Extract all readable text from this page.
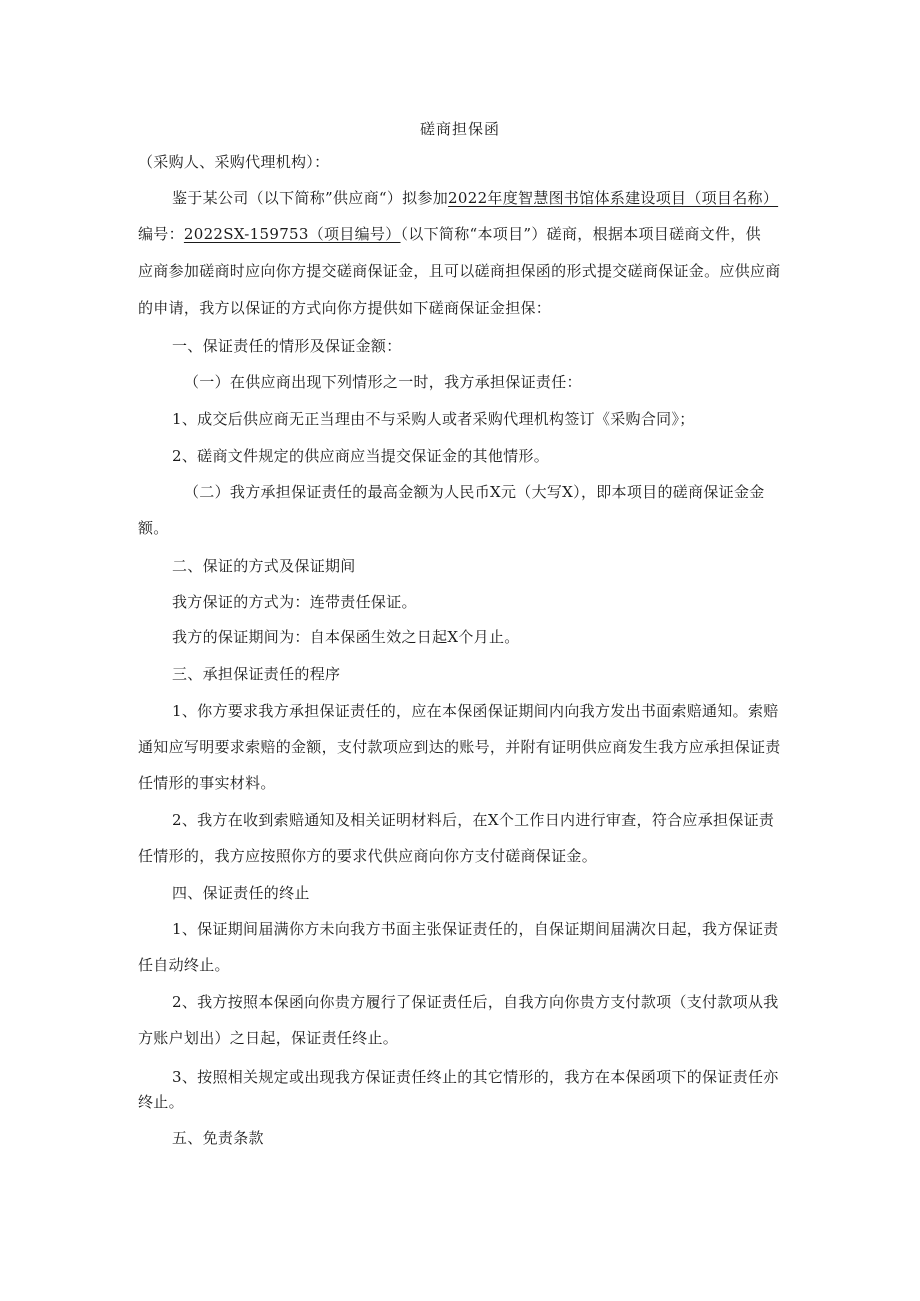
磋商担保函
（采购人、采购代理机构）：
鉴于某公司（以下简称”供应商“）拟参加2022年度智慧图书馆体系建设项目（项目名称）
编号：2022SX-159753（项目编号）（以下简称“本项目”）磋商，根据本项目磋商文件，供
应商参加磋商时应向你方提交磋商保证金，且可以磋商担保函的形式提交磋商保证金。应供应商
的申请，我方以保证的方式向你方提供如下磋商保证金担保：
一、保证责任的情形及保证金额：
（一）在供应商出现下列情形之一时，我方承担保证责任：
1、成交后供应商无正当理由不与采购人或者采购代理机构签订《采购合同》；
2、磋商文件规定的供应商应当提交保证金的其他情形。
（二）我方承担保证责任的最高金额为人民币X元（大写X），即本项目的磋商保证金金
额。
二、保证的方式及保证期间
我方保证的方式为：连带责任保证。
我方的保证期间为：自本保函生效之日起X个月止。
三、承担保证责任的程序
1、你方要求我方承担保证责任的，应在本保函保证期间内向我方发出书面索赔通知。索赔
通知应写明要求索赔的金额，支付款项应到达的账号，并附有证明供应商发生我方应承担保证责
任情形的事实材料。
2、我方在收到索赔通知及相关证明材料后，在X个工作日内进行审查，符合应承担保证责
任情形的，我方应按照你方的要求代供应商向你方支付磋商保证金。
四、保证责任的终止
1、保证期间届满你方未向我方书面主张保证责任的，自保证期间届满次日起，我方保证责
任自动终止。
2、我方按照本保函向你贵方履行了保证责任后，自我方向你贵方支付款项（支付款项从我
方账户划出）之日起，保证责任终止。
3、按照相关规定或出现我方保证责任终止的其它情形的，我方在本保函项下的保证责任亦
终止。
五、免责条款
